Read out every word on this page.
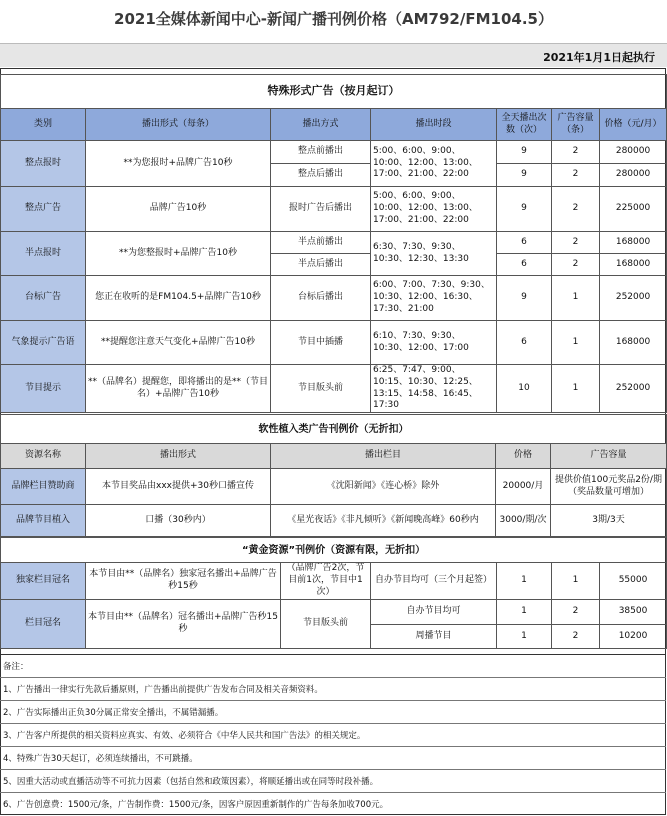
2021全媒体新闻中心-新闻广播刊例价格（AM792/FM104.5）
2021年1月1日起执行
特殊形式广告（按月起订）						
类别	播出形式（每条）	播出方式	播出时段	全天播出次数（次）	广告容量（条）	价格（元/月）
整点报时	**为您报时+品牌广告10秒	整点前播出	5:00、6:00、9:00、10:00、12:00、13:00、17:00、21:00、22:00	9	2	280000
		整点后播出		9	2	280000
整点广告	品牌广告10秒	报时广告后播出	5:00、6:00、9:00、10:00、12:00、13:00、17:00、21:00、22:00	9	2	225000
半点报时	**为您整报时+品牌广告10秒	半点前播出	6:30、7:30、9:30、10:30、12:30、13:30	6	2	168000
		半点后播出		6	2	168000
台标广告	您正在收听的是FM104.5+品牌广告10秒	台标后播出	6:00、7:00、7:30、9:30、10:30、12:00、16:30、17:30、21:00	9	1	252000
气象提示广告语	**提醒您注意天气变化+品牌广告10秒	节目中插播	6:10、7:30、9:30、10:30、12:00、17:00	6	1	168000
节目提示	**（品牌名）提醒您，即将播出的是**（节目名）+品牌广告10秒	节目版头前	6:25、7:47、9:00、10:15、10:30、12:25、13:15、14:58、16:45、17:30	10	1	252000
软性植入类广告刊例价（无折扣）				
资源名称	播出形式	播出栏目	价格	广告容量
品牌栏目赞助商	本节目奖品由xxx提供+30秒口播宣传	《沈阳新闻》《连心桥》除外	20000/月	提供价值100元奖品2份/期（奖品数量可增加）
品牌节目植入	口播（30秒内）	《星光夜话》《非凡倾听》《新闻晚高峰》60秒内	3000/期/次	3期/3天
“黄金资源”刊例价（资源有限，无折扣）						
独家栏目冠名	本节目由**（品牌名）独家冠名播出+品牌广告秒15秒	（品牌广告2次，节目前1次，节目中1次）	自办节目均可（三个月起签）	1	1	55000
栏目冠名	本节目由**（品牌名）冠名播出+品牌广告秒15秒	节目版头前	自办节目均可	1	2	38500
			周播节目	1	2	10200
备注：
1、广告播出一律实行先款后播原则，广告播出前提供广告发布合同及相关音频资料。
2、广告实际播出正负30分属正常安全播出，不属错漏播。
3、广告客户所提供的相关资料应真实、有效、必须符合《中华人民共和国广告法》的相关规定。
4、特殊广告30天起订，必须连续播出，不可跳播。
5、因重大活动或直播活动等不可抗力因素（包括自然和政策因素），将顺延播出或在同等时段补播。
6、广告创意费：1500元/条，广告制作费：1500元/条，因客户原因重新制作的广告每条加收700元。
